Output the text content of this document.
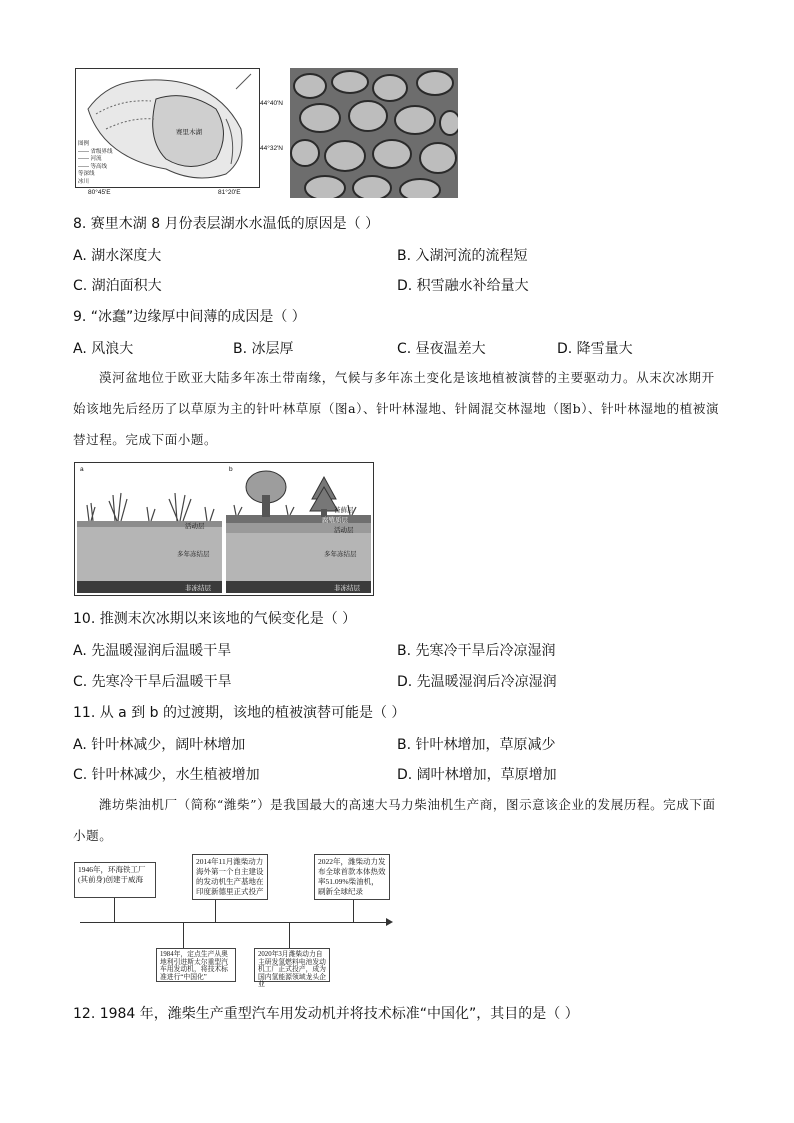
赛里木湖
图例
—— 省级界线
—— 河流
—— 等高线
等深线
冰川
44°40'N
44°32'N
80°45'E	81°20'E
8. 赛里木湖 8 月份表层湖水水温低的原因是（ ）
A. 湖水深度大	B. 入湖河流的流程短
C. 湖泊面积大	D. 积雪融水补给量大
9. “冰蠢”边缘厚中间薄的成因是（ ）
A. 风浪大	B. 冰层厚	C. 昼夜温差大	D. 降雪量大
漠河盆地位于欧亚大陆多年冻土带南缘，气候与多年冻土变化是该地植被演替的主要驱动力。从末次冰期开始该地先后经历了以草原为主的针叶林草原（图a）、针叶林湿地、针阔混交林湿地（图b）、针叶林湿地的植被演替过程。完成下面小题。
a
活动层
多年冻结层
非冻结层
b
苔藓层
腐殖质层
活动层
多年冻结层
非冻结层
10. 推测末次冰期以来该地的气候变化是（ ）
A. 先温暖湿润后温暖干旱	B. 先寒冷干旱后冷凉湿润
C. 先寒冷干旱后温暖干旱	D. 先温暖湿润后冷凉湿润
11. 从 a 到 b 的过渡期，该地的植被演替可能是（ ）
A. 针叶林减少，阔叶林增加	B. 针叶林增加，草原减少
C. 针叶林减少，水生植被增加	D. 阔叶林增加，草原增加
潍坊柴油机厂（简称“潍柴”）是我国最大的高速大马力柴油机生产商，图示意该企业的发展历程。完成下面小题。
1946年，环海铁工厂(其前身)创建于威海
2014年11月潍柴动力海外第一个自主建设的发动机生产基地在印度新德里正式投产
2022年，潍柴动力发布全球首款本体热效率51.09%柴油机，刷新全球纪录
1984年，定点生产从奥地利引进斯太尔重型汽车用发动机，将技术标准进行“中国化”
2020年3月潍柴动力自主研发氢燃料电池发动机工厂正式投产，成为国内氢能源领域龙头企业
12. 1984 年，潍柴生产重型汽车用发动机并将技术标准“中国化”，其目的是（ ）
